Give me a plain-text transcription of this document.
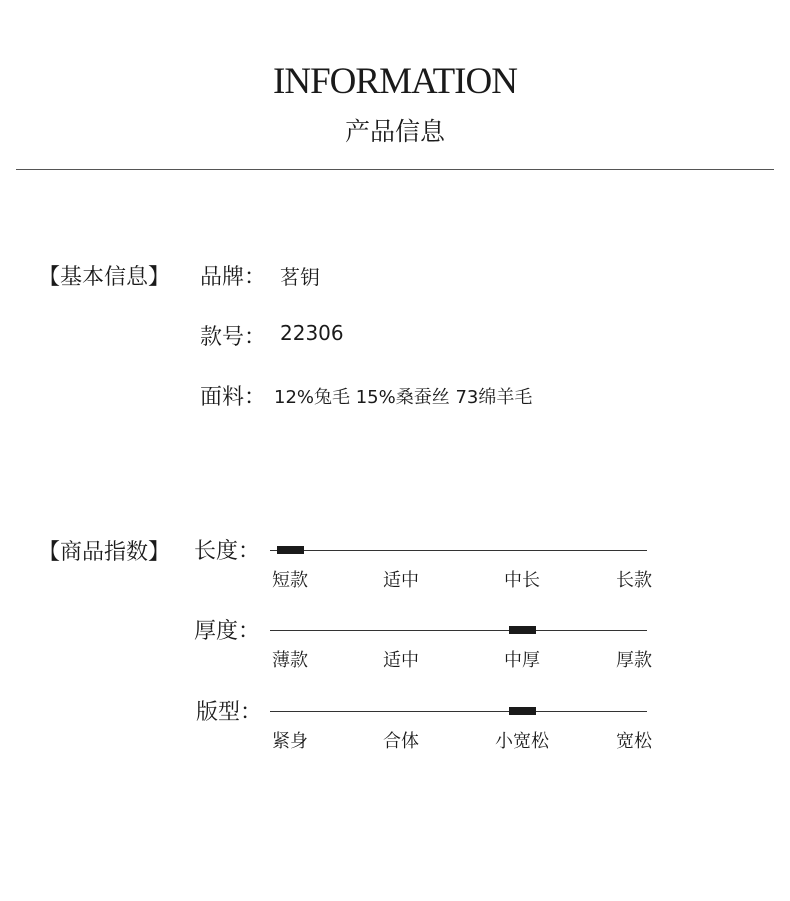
INFORMATION
产品信息
【基本信息】 品牌： 茗钥
款号： 22306
面料： 12%兔毛 15%桑蚕丝 73绵羊毛
【商品指数】 长度：
短款	适中	中长	长款
厚度：
薄款	适中	中厚	厚款
版型：
紧身	合体	小宽松	宽松
